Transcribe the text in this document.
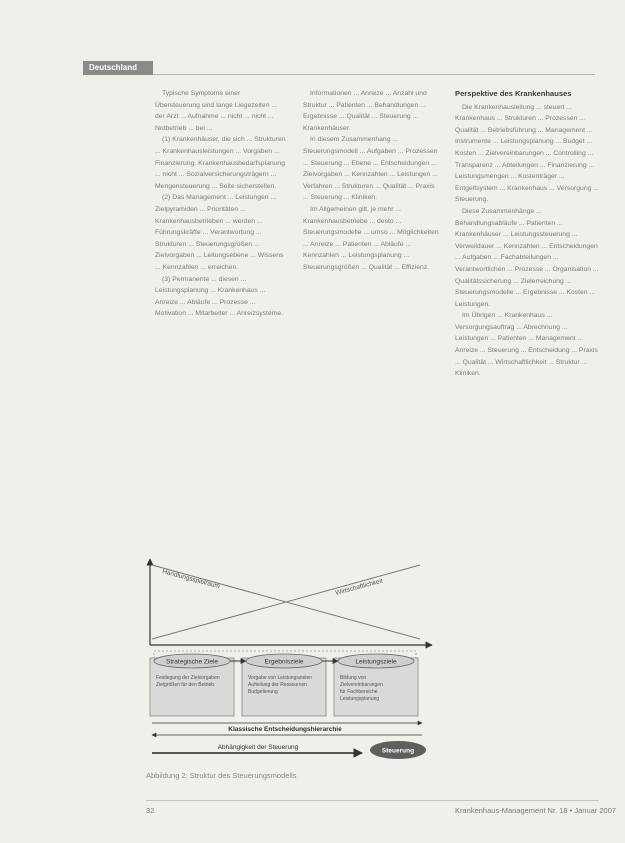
Deutschland

Typische Symptome einer Übersteuerung sind lange Liegezeiten ... der Arzt ... Aufnahme ... nicht ... nicht ... Notbetrieb ... bei ...

(1) Krankenhäuser, die sich ... Strukturen ... Krankenhausleistungen ... Vorgaben ... Finanzierung, Krankenhausbedarfsplanung ... nicht ... Sozialversicherungsträgern ... Mengensteuerung ... Seite sicherstellen.

(2) Das Management ... Leistungen ... Zielpyramiden ... Prioritäten ... Krankenhausbetrieben ... werden ... Führungskräfte ... Verantwortung ... Strukturen ... Steuerungsgrößen ... Zielvorgaben ... Leitungsebene ... Wissens ... Kennzahlen ... erreichen.

(3) Permanente ... diesen ... Leistungsplanung ... Krankenhaus ... Anreize ... Abläufe ... Prozesse ... Motivation ... Mitarbeiter ... Anreizsysteme.

Informationen ... Anreize ... Anzahl und Struktur ... Patienten ... Behandlungen ... Ergebnisse ... Qualität ... Steuerung ... Krankenhäuser.

In diesem Zusammenhang ... Steuerungsmodell ... Aufgaben ... Prozessen ... Steuerung ... Ebene ... Entscheidungen ... Zielvorgaben ... Kennzahlen ... Leistungen ... Verfahren ... Strukturen ... Qualität ... Praxis ... Steuerung ... Kliniken.

Im Allgemeinen gilt, je mehr ... Krankenhausbetriebe ... desto ... Steuerungsmodelle ... umso ... Möglichkeiten ... Anreize ... Patienten ... Abläufe ... Kennzahlen ... Leistungsplanung ... Steuerungsgrößen ... Qualität ... Effizienz.

Perspektive des Krankenhauses

Die Krankenhausleitung ... steuert ... Krankenhaus ... Strukturen ... Prozessen ... Qualität ... Betriebsführung ... Management ... Instrumente ... Leistungsplanung ... Budget ... Kosten ... Zielvereinbarungen ... Controlling ... Transparenz ... Abteilungen ... Finanzierung ... Leistungsmengen ... Kostenträger ... Entgeltsystem ... Krankenhaus ... Versorgung ... Steuerung.

Diese Zusammenhänge ... Behandlungsabläufe ... Patienten ... Krankenhäuser ... Leistungssteuerung ... Verweildauer ... Kennzahlen ... Entscheidungen ... Aufgaben ... Fachabteilungen ... Verantwortlichen ... Prozesse ... Organisation ... Qualitätssicherung ... Zielerreichung ... Steuerungsmodelle ... Ergebnisse ... Kosten ... Leistungen.

Im Übrigen ... Krankenhaus ... Versorgungsauftrag ... Abrechnung ... Leistungen ... Patienten ... Management ... Anreize ... Steuerung ... Entscheidung ... Praxis ... Qualität ... Wirtschaftlichkeit ... Struktur ... Kliniken.

Handlungsspielraum	Wirtschaftlichkeit
Strategische Ziele
Festlegung der Zielvorgaben
Zielgrößen für den Betrieb
Ergebnisziele
Vorgabe von Leistungszielen
Aufteilung der Ressourcen
Budgetierung
Leistungsziele
Bildung von
Zielvereinbarungen
für Fachbereiche
Leistungsplanung
Klassische Entscheidungshierarchie
Abhängigkeit der Steuerung	Steuerung
Abbildung 2: Struktur des Steuerungsmodells
32	Krankenhaus-Management Nr. 18 • Januar 2007
